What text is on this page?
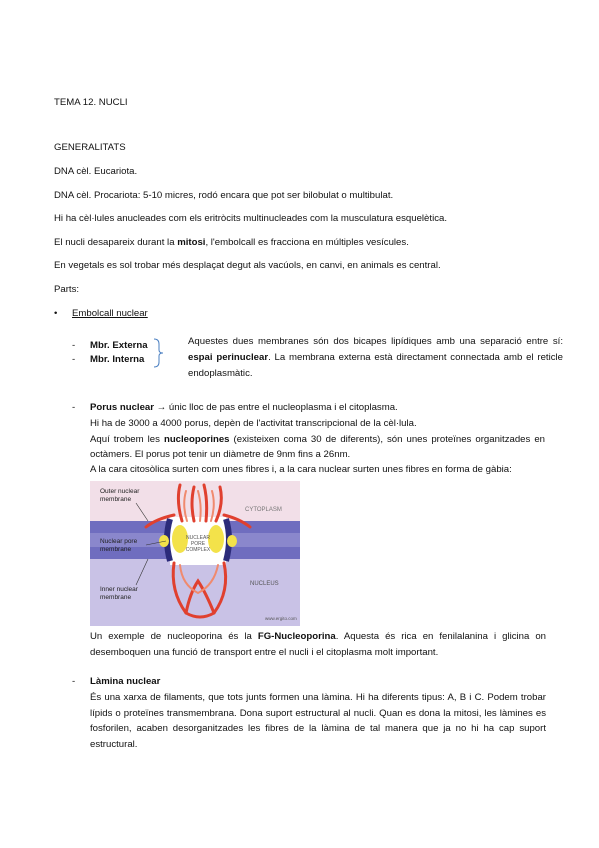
TEMA 12. NUCLI
GENERALITATS
DNA cèl. Eucariota.
DNA cèl. Procariota: 5-10 micres, rodó encara que pot ser bilobulat o multibulat.
Hi ha cèl·lules anucleades com els eritròcits multinucleades com la musculatura esquelètica.
El nucli desapareix durant la mitosi, l'embolcall es fracciona en múltiples vesícules.
En vegetals es sol trobar més desplaçat degut als vacúols, en canvi, en animals es central.
Parts:
• Embolcall nuclear
- Mbr. Externa
- Mbr. Interna
Aquestes dues membranes són dos bicapes lipídiques amb una separació entre sí: espai perinuclear. La membrana externa està directament connectada amb el reticle endoplasmàtic.
- Porus nuclear → únic lloc de pas entre el nucleoplasma i el citoplasma.
Hi ha de 3000 a 4000 porus, depèn de l'activitat transcripcional de la cèl·lula.
Aquí trobem les nucleoporines (existeixen coma 30 de diferents), són unes proteïnes organitzades en octàmers. El porus pot tenir un diàmetre de 9nm fins a 26nm.
A la cara citosòlica surten com unes fibres i, a la cara nuclear surten unes fibres en forma de gàbia:
NUCLEAR
PORE
COMPLEX
Outer nuclear
membrane
Nuclear pore
membrane
Inner nuclear
membrane
CYTOPLASM
NUCLEUS
www.ergito.com
Un exemple de nucleoporina és la FG-Nucleoporina. Aquesta és rica en fenilalanina i glicina on desemboquen una funció de transport entre el nucli i el citoplasma molt important.
- Làmina nuclear
És una xarxa de filaments, que tots junts formen una làmina. Hi ha diferents tipus: A, B i C. Podem trobar lípids o proteïnes transmembrana. Dona suport estructural al nucli. Quan es dona la mitosi, les làmines es fosforilen, acaben desorganitzades les fibres de la làmina de tal manera que ja no hi ha cap suport estructural.
